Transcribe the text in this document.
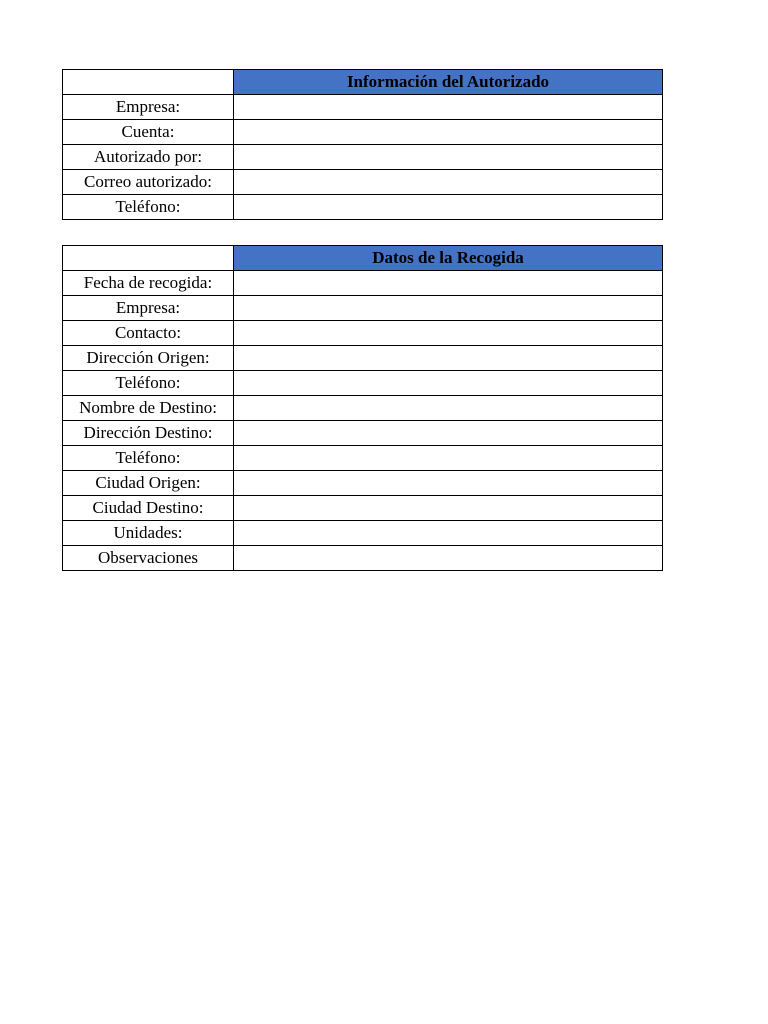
	Información del Autorizado
Empresa:	
Cuenta:	
Autorizado por:	
Correo autorizado:	
Teléfono:	
	Datos de la Recogida
Fecha de recogida:	
Empresa:	
Contacto:	
Dirección Origen:	
Teléfono:	
Nombre de Destino:	
Dirección Destino:	
Teléfono:	
Ciudad Origen:	
Ciudad Destino:	
Unidades:	
Observaciones	
